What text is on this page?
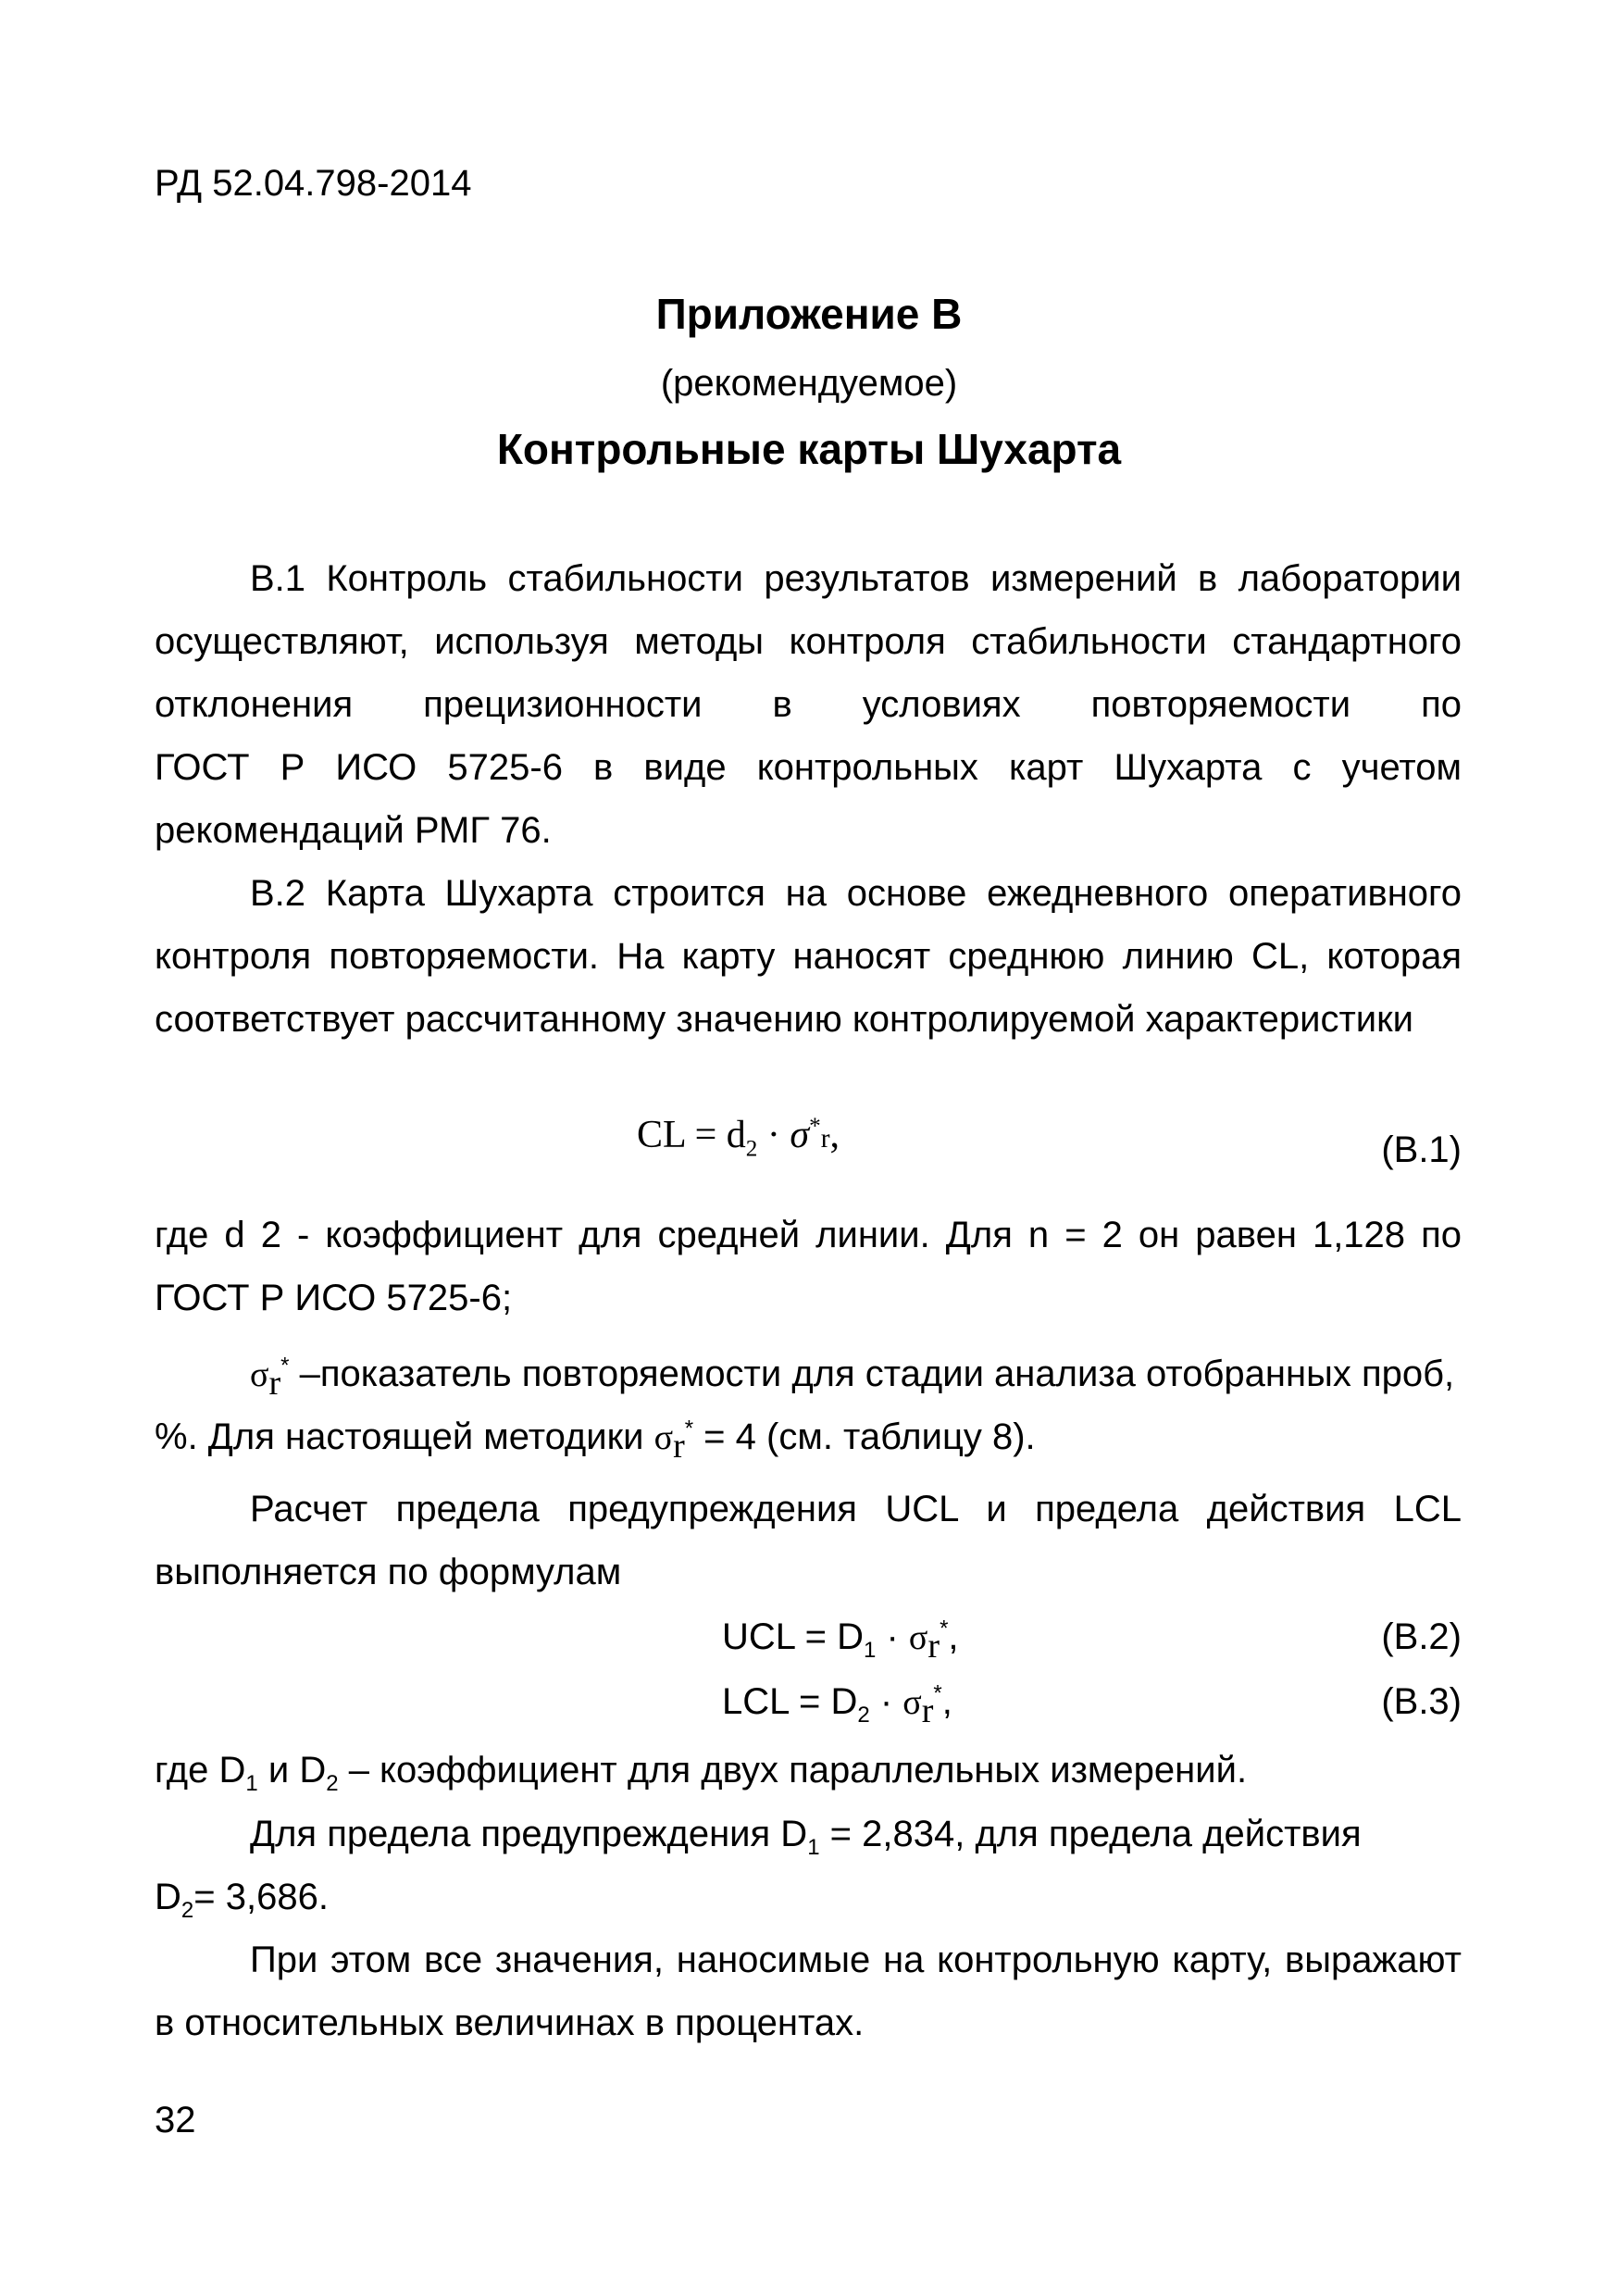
РД 52.04.798-2014
Приложение В
(рекомендуемое)
Контрольные карты Шухарта
В.1 Контроль стабильности результатов измерений в лаборатории
осуществляют, используя методы контроля стабильности стандартного
отклонения прецизионности в условиях повторяемости по
ГОСТ Р ИСО 5725-6 в виде контрольных карт Шухарта с учетом
рекомендаций РМГ 76.
В.2 Карта Шухарта строится на основе ежедневного оперативного
контроля повторяемости. На карту наносят среднюю линию CL, которая
соответствует рассчитанному значению контролируемой характеристики
CL = $d_2 \cdot \sigma^*r$,	(В.1)
где d 2 - коэффициент для средней линии. Для n = 2 он равен 1,128 по
ГОСТ Р ИСО 5725-6;
$\sigma_r^*$ –показатель повторяемости для стадии анализа отобранных проб,
%. Для настоящей методики $\sigma_r^* = 4$ (см. таблицу 8).
Расчет предела предупреждения UCL и предела действия LCL
выполняется по формулам
UCL = $D_1 \cdot \sigma_r^*$,	(В.2)
LCL = $D_2 \cdot \sigma_r^*$,	(В.3)
где $D_1$ и $D_2$ – коэффициент для двух параллельных измерений.
Для предела предупреждения $D_1 = 2,834$, для предела действия
$D_2= 3,686$.
При этом все значения, наносимые на контрольную карту, выражают
в относительных величинах в процентах.
32
